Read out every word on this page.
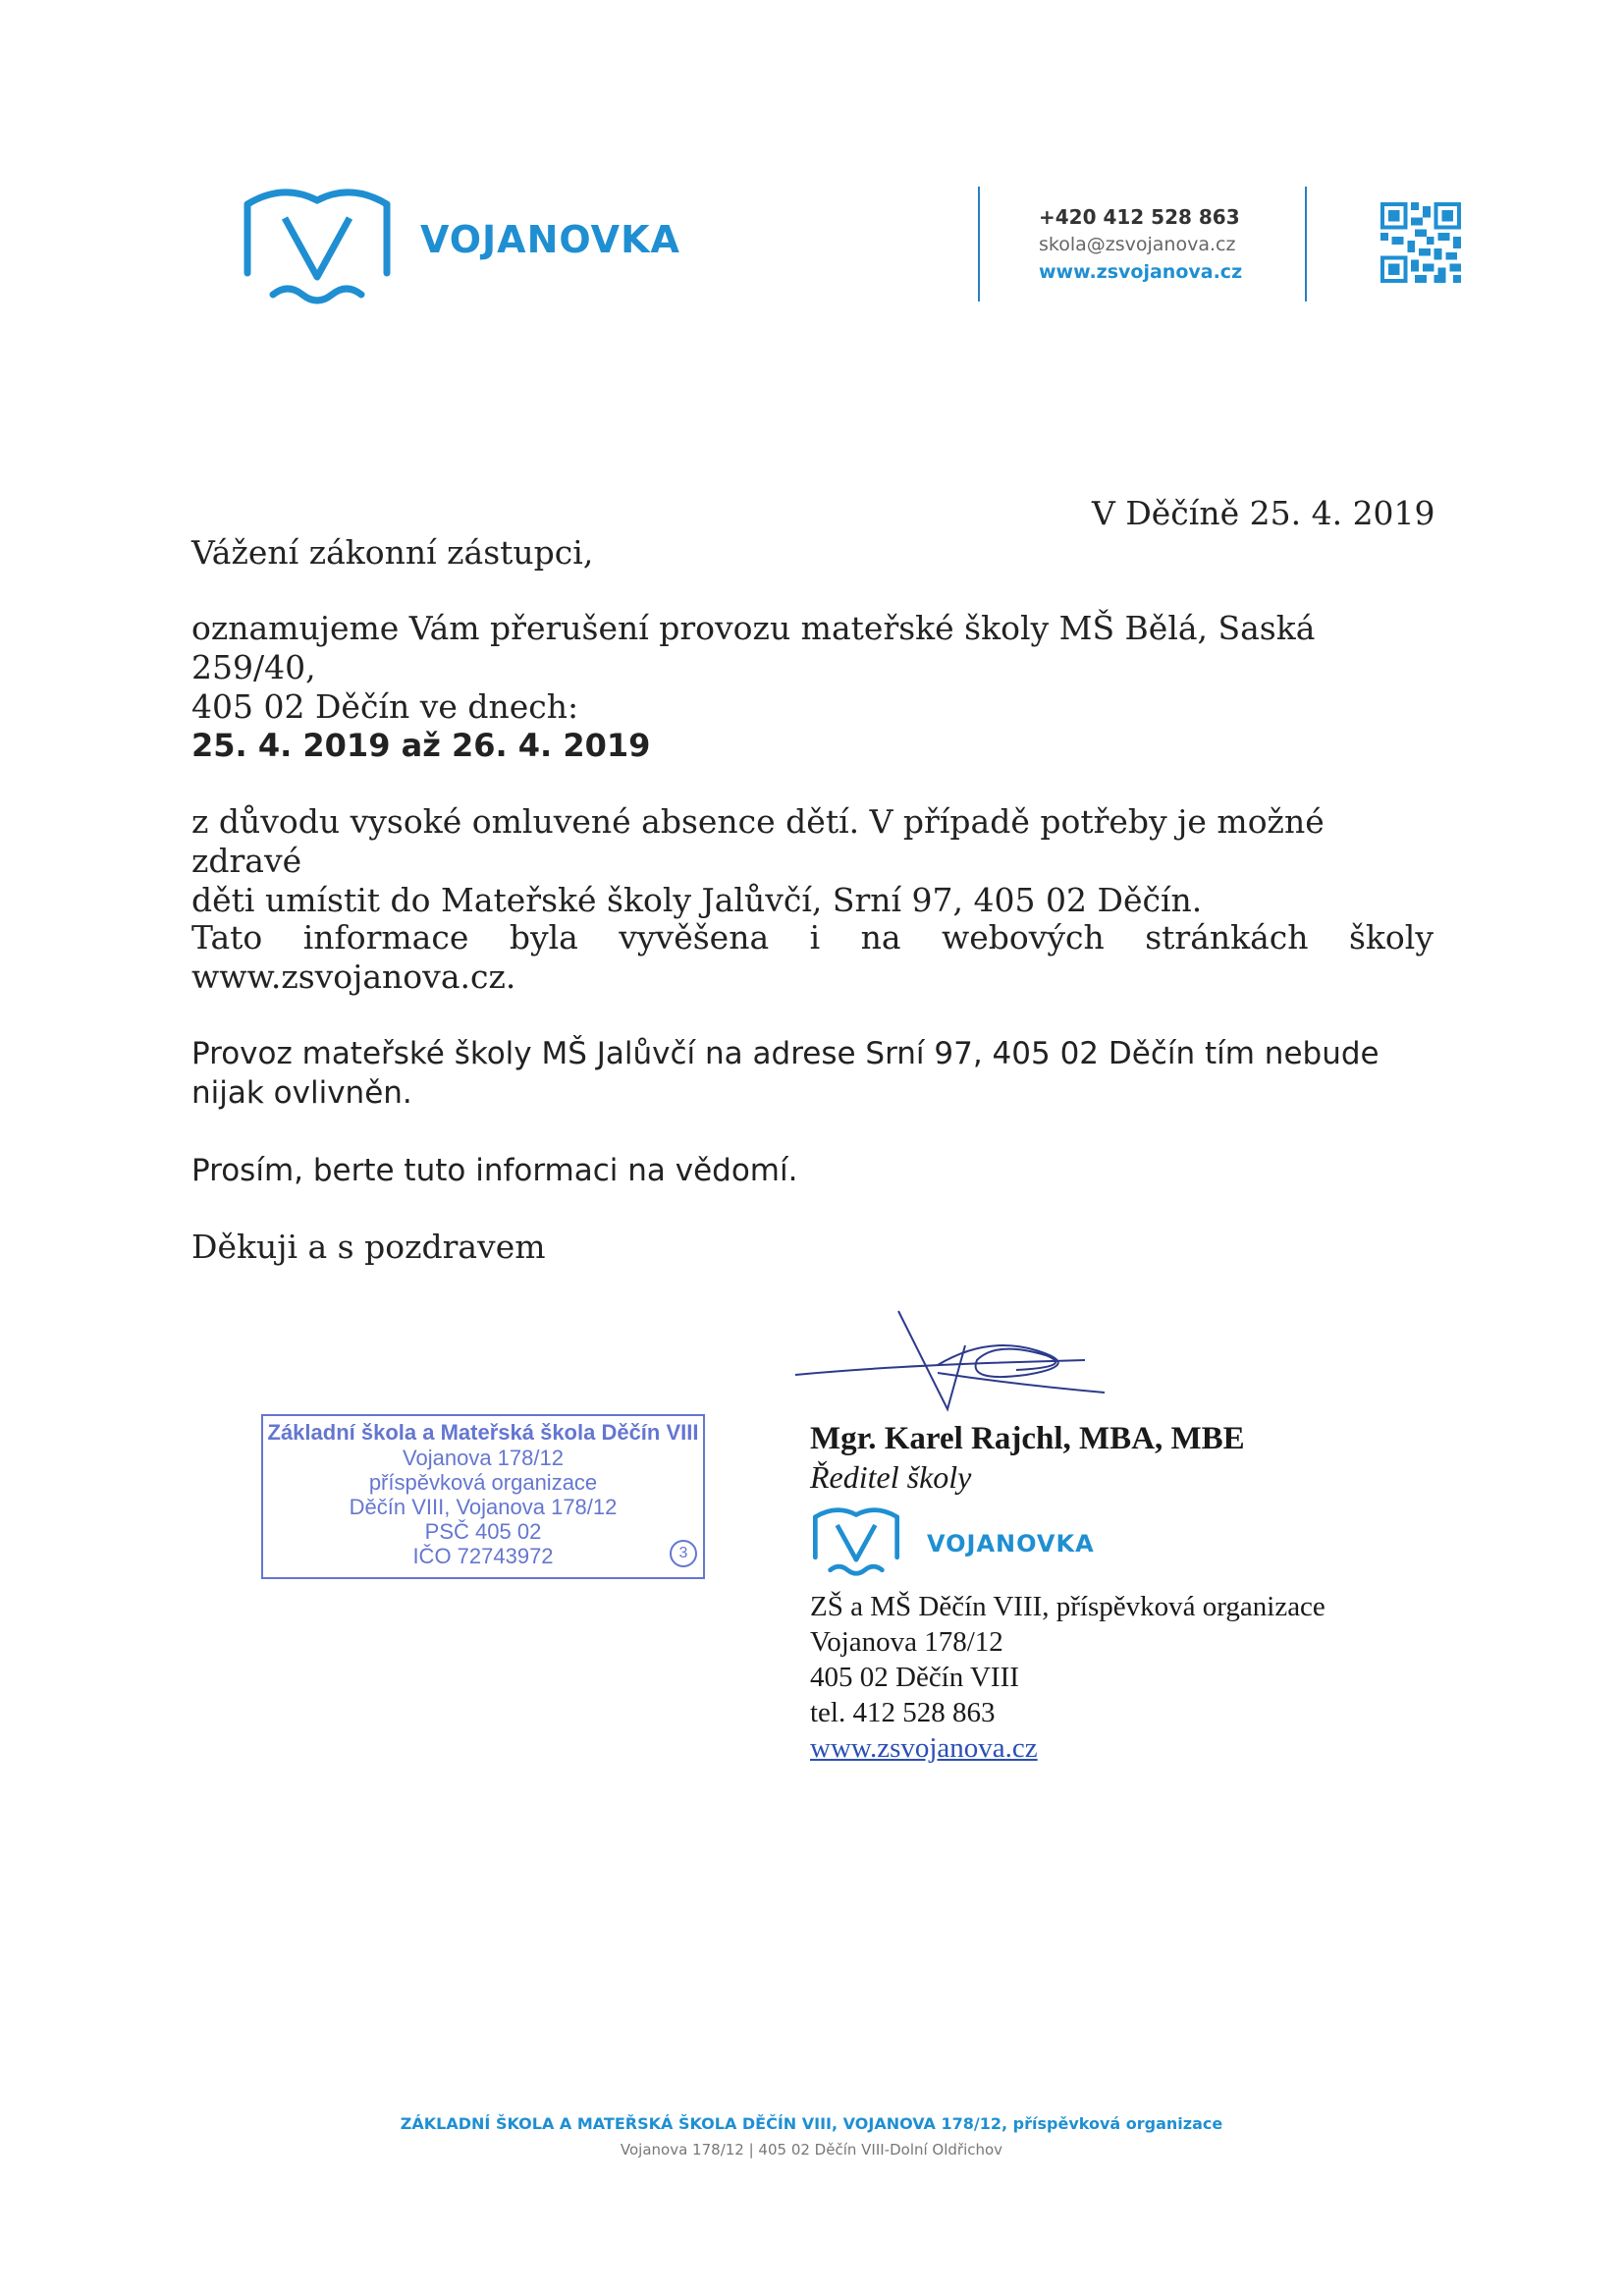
VOJANOVKA
+420 412 528 863
skola@zsvojanova.cz
www.zsvojanova.cz
V Děčíně 25. 4. 2019
Vážení zákonní zástupci,
oznamujeme Vám přerušení provozu mateřské školy MŠ Bělá, Saská 259/40,
405 02 Děčín ve dnech:
25. 4. 2019 až 26. 4. 2019
z důvodu vysoké omluvené absence dětí. V případě potřeby je možné zdravé
děti umístit do Mateřské školy Jalůvčí, Srní 97, 405 02 Děčín.
Tato informace byla vyvěšena i na webových stránkách školy
www.zsvojanova.cz.
Provoz mateřské školy MŠ Jalůvčí na adrese Srní 97, 405 02 Děčín tím nebude
nijak ovlivněn.
Prosím, berte tuto informaci na vědomí.
Děkuji a s pozdravem
Mgr. Karel Rajchl, MBA, MBE
Ředitel školy
VOJANOVKA
ZŠ a MŠ Děčín VIII, příspěvková organizace
Vojanova 178/12
405 02 Děčín VIII
tel. 412 528 863
www.zsvojanova.cz
Základní škola a Mateřská škola Děčín VIII
Vojanova 178/12
příspěvková organizace
Děčín VIII, Vojanova 178/12
PSČ 405 02
IČO 72743972	3
ZÁKLADNÍ ŠKOLA A MATEŘSKÁ ŠKOLA DĚČÍN VIII, VOJANOVA 178/12, příspěvková organizace
Vojanova 178/12 | 405 02 Děčín VIII-Dolní Oldřichov
